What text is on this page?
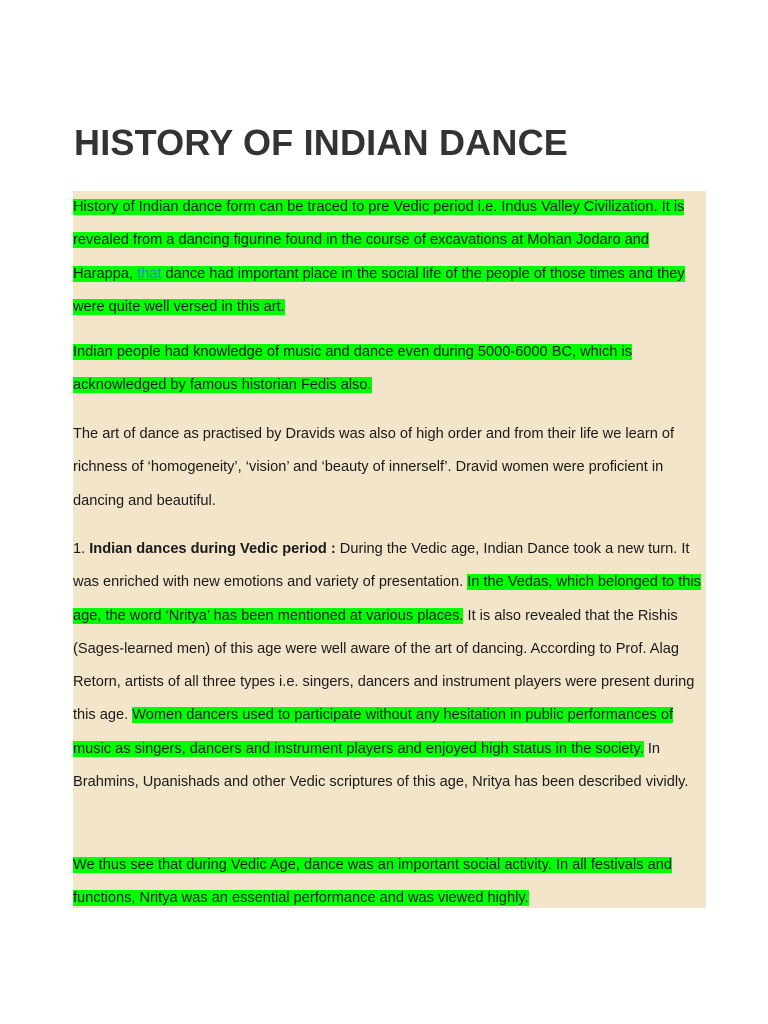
HISTORY OF INDIAN DANCE

History of Indian dance form can be traced to pre Vedic period i.e. Indus Valley Civilization. It is revealed from a dancing figurine found in the course of excavations at Mohan Jodaro and Harappa, that dance had important place in the social life of the people of those times and they were quite well versed in this art.

Indian people had knowledge of music and dance even during 5000-6000 BC, which is acknowledged by famous historian Fedis also.

The art of dance as practised by Dravids was also of high order and from their life we learn of richness of ‘homogeneity’, ‘vision’ and ‘beauty of innerself’. Dravid women were proficient in dancing and beautiful.

1. Indian dances during Vedic period : During the Vedic age, Indian Dance took a new turn. It was enriched with new emotions and variety of presentation. In the Vedas, which belonged to this age, the word ‘Nritya’ has been mentioned at various places. It is also revealed that the Rishis (Sages-learned men) of this age were well aware of the art of dancing. According to Prof. Alag Retorn, artists of all three types i.e. singers, dancers and instrument players were present during this age. Women dancers used to participate without any hesitation in public performances of music as singers, dancers and instrument players and enjoyed high status in the society. In Brahmins, Upanishads and other Vedic scriptures of this age, Nritya has been described vividly.

We thus see that during Vedic Age, dance was an important social activity. In all festivals and functions, Nritya was an essential performance and was viewed highly.
